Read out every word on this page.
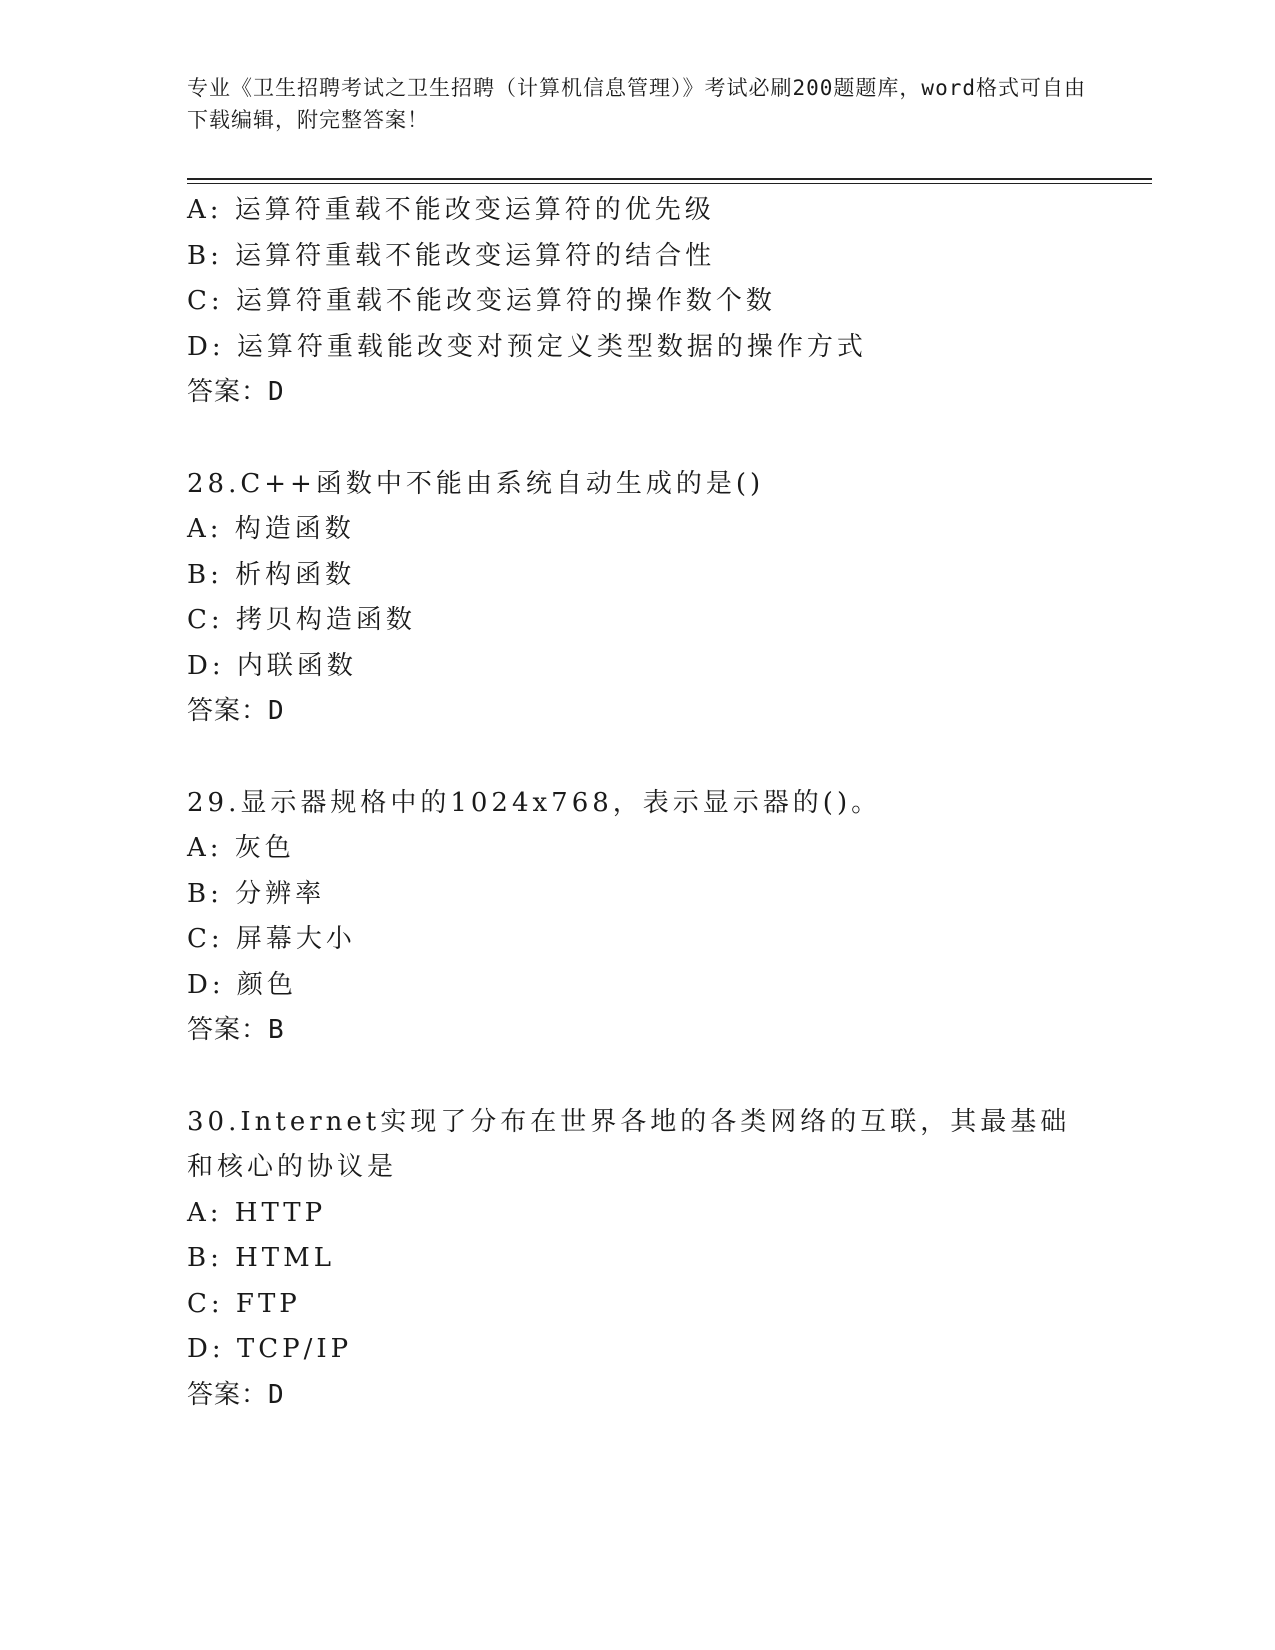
专业《卫生招聘考试之卫生招聘（计算机信息管理）》考试必刷200题题库，word格式可自由下载编辑，附完整答案！
A: 运算符重载不能改变运算符的优先级
B: 运算符重载不能改变运算符的结合性
C: 运算符重载不能改变运算符的操作数个数
D: 运算符重载能改变对预定义类型数据的操作方式
答案：D
28.C++函数中不能由系统自动生成的是()
A: 构造函数
B: 析构函数
C: 拷贝构造函数
D: 内联函数
答案：D
29.显示器规格中的1024x768，表示显示器的()。
A: 灰色
B: 分辨率
C: 屏幕大小
D: 颜色
答案：B
30.Internet实现了分布在世界各地的各类网络的互联，其最基础和核心的协议是
A: HTTP
B: HTML
C: FTP
D: TCP/IP
答案：D
